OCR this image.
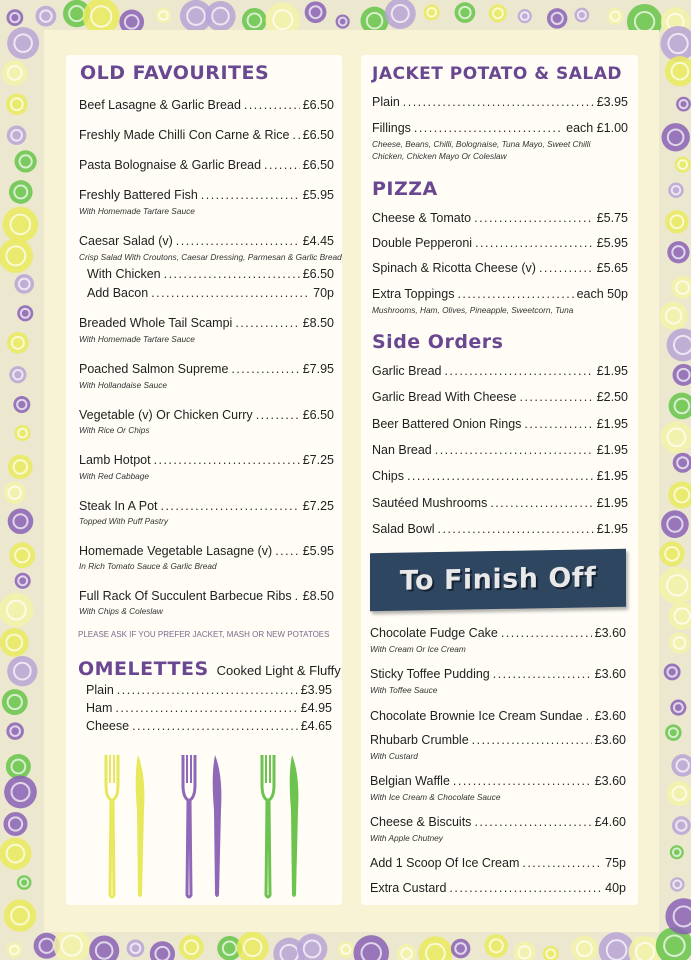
OLD FAVOURITES
Beef Lasagne & Garlic Bread . . .	£6.50
Freshly Made Chilli Con Carne & Rice . . . £6.50
Pasta Bolognaise & Garlic Bread . . .	£6.50
Freshly Battered Fish . . .	£5.95
With Homemade Tartare Sauce
Caesar Salad (v) . . .	£4.45
Crisp Salad With Croutons, Caesar Dressing, Parmesan & Garlic Bread
With Chicken . . .	£6.50
Add Bacon . . .	70p
Breaded Whole Tail Scampi . . .	£8.50
With Homemade Tartare Sauce
Poached Salmon Supreme . . .	£7.95
With Hollandaise Sauce
Vegetable (v) Or Chicken Curry . . .	£6.50
With Rice Or Chips
Lamb Hotpot . . .	£7.25
With Red Cabbage
Steak In A Pot . . .	£7.25
Topped With Puff Pastry
Homemade Vegetable Lasagne (v) . . . £5.95
In Rich Tomato Sauce & Garlic Bread
Full Rack Of Succulent Barbecue Ribs . . . £8.50
With Chips & Coleslaw
PLEASE ASK IF YOU PREFER JACKET, MASH OR NEW POTATOES
OMELETTES Cooked Light & Fluffy
Plain . . .	£3.95
Ham . . .	£4.95
Cheese . . .	£4.65
JACKET POTATO & SALAD
Plain . . .	£3.95
Fillings . . .	each £1.00
Cheese, Beans, Chilli, Bolognaise, Tuna Mayo, Sweet Chilli
Chicken, Chicken Mayo Or Coleslaw
PIZZA
Cheese & Tomato . . .	£5.75
Double Pepperoni . . .	£5.95
Spinach & Ricotta Cheese (v) . . .	£5.65
Extra Toppings . . .	each 50p
Mushrooms, Ham, Olives, Pineapple, Sweetcorn, Tuna
Side Orders
Garlic Bread . . .	£1.95
Garlic Bread With Cheese . . .	£2.50
Beer Battered Onion Rings . . .	£1.95
Nan Bread . . .	£1.95
Chips . . .	£1.95
Sautéed Mushrooms . . .	£1.95
Salad Bowl . . .	£1.95
To Finish Off
Chocolate Fudge Cake . . .	£3.60
With Cream Or Ice Cream
Sticky Toffee Pudding . . .	£3.60
With Toffee Sauce
Chocolate Brownie Ice Cream Sundae . . . £3.60
Rhubarb Crumble . . .	£3.60
With Custard
Belgian Waffle . . .	£3.60
With Ice Cream & Chocolate Sauce
Cheese & Biscuits . . .	£4.60
With Apple Chutney
Add 1 Scoop Of Ice Cream . . .	75p
Extra Custard . . .	40p
